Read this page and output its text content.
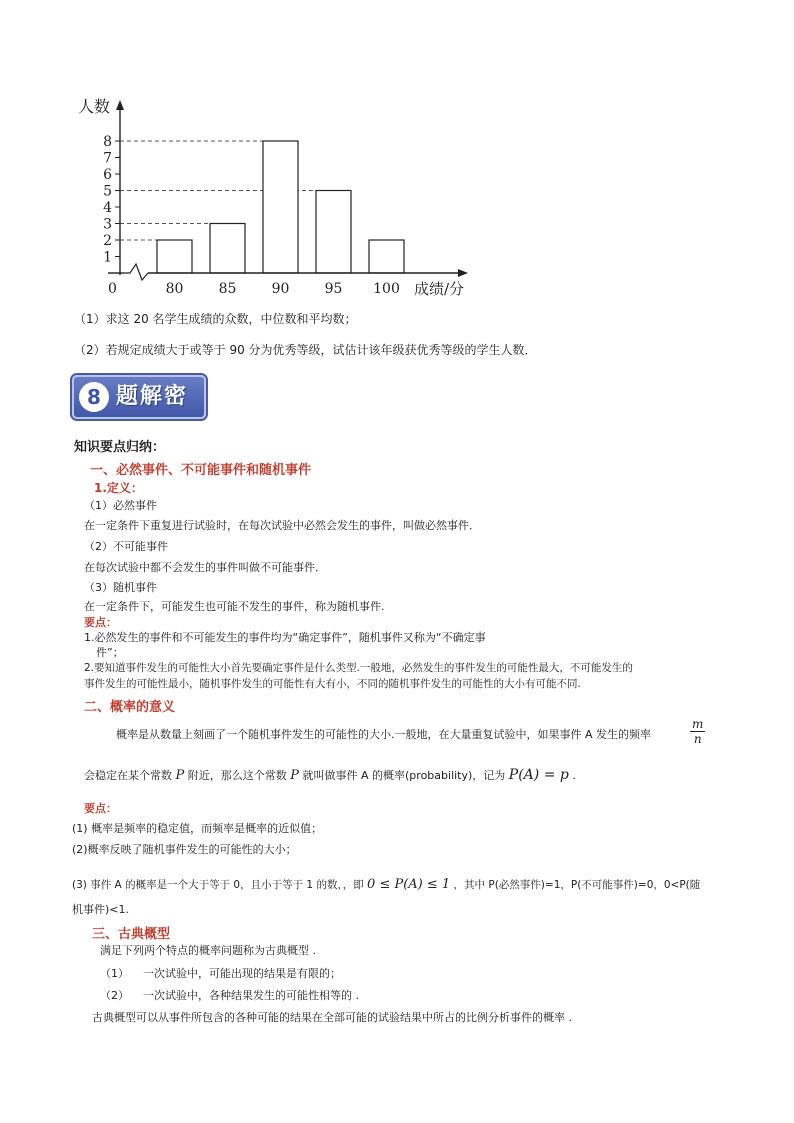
80	85	90	95 100
8
7
6
5
4
3
2
1
人数
成绩/分
0
（1）求这 20 名学生成绩的众数，中位数和平均数；
（2）若规定成绩大于或等于 90 分为优秀等级，试估计该年级获优秀等级的学生人数．
8 题解密
知识要点归纳：
一、必然事件、不可能事件和随机事件
1.定义：
（1）必然事件
在一定条件下重复进行试验时，在每次试验中必然会发生的事件，叫做必然事件．
（2）不可能事件
在每次试验中都不会发生的事件叫做不可能事件．
（3）随机事件
在一定条件下，可能发生也可能不发生的事件，称为随机事件.
要点：
1.必然发生的事件和不可能发生的事件均为“确定事件”，随机事件又称为“不确定事
件”；
2.要知道事件发生的可能性大小首先要确定事件是什么类型.一般地，必然发生的事件发生的可能性最大，不可能发生的
事件发生的可能性最小，随机事件发生的可能性有大有小，不同的随机事件发生的可能性的大小有可能不同.
二、概率的意义
概率是从数量上刻画了一个随机事件发生的可能性的大小.一般地，在大量重复试验中，如果事件 A 发生的频率	$\frac{m}{n}$
会稳定在某个常数 P 附近，那么这个常数 P 就叫做事件 A 的概率(probability)，记为 P(A) = p .
要点：
(1) 概率是频率的稳定值，而频率是概率的近似值；
(2)概率反映了随机事件发生的可能性的大小；
(3) 事件 A 的概率是一个大于等于 0，且小于等于 1 的数，，即 0 ≤ P(A) ≤ 1 ，其中 P(必然事件)=1，P(不可能事件)=0，0<P(随
机事件)<1.
三、古典概型
满足下列两个特点的概率问题称为古典概型 .
（1） 一次试验中，可能出现的结果是有限的；
（2） 一次试验中，各种结果发生的可能性相等的 .
古典概型可以从事件所包含的各种可能的结果在全部可能的试验结果中所占的比例分析事件的概率 .
